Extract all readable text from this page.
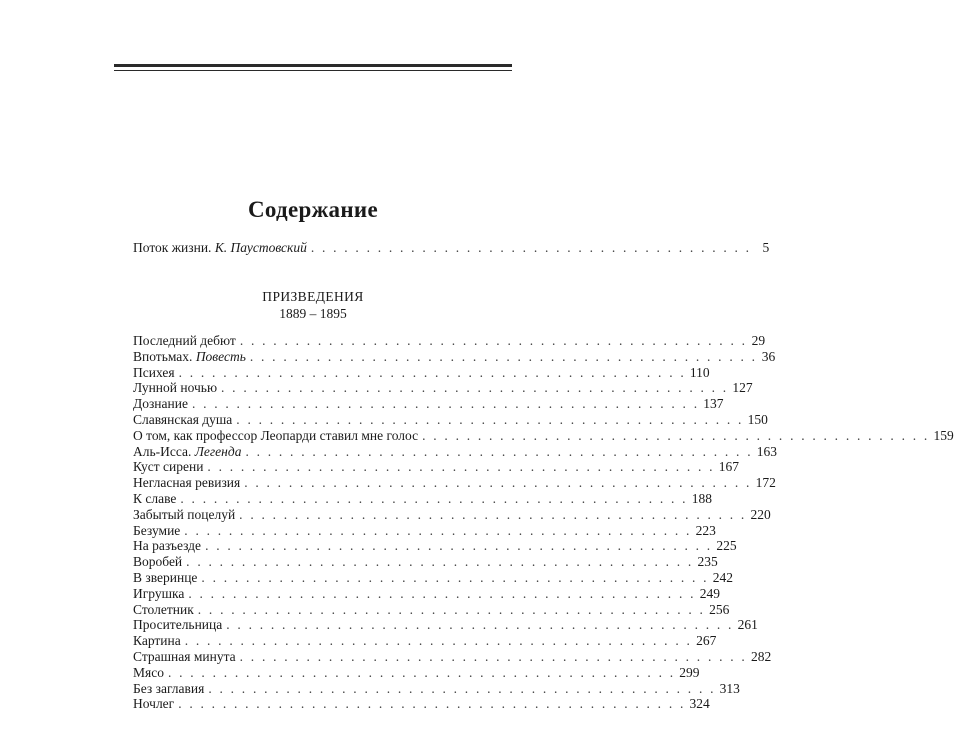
Содержание
Поток жизни. К. Паустовский . . . . . . . . . . . . . . . . . . . . . . . . . . . . . . . . . . . . . . . . 5
ПРИЗВЕДЕНИЯ
1889 – 1895
Последний дебют . . . . . . . . . . . . . . . . . . . . . . . . . . . . . . . . . . . . . . . . . . . . . . 29
Впотьмах. Повесть . . . . . . . . . . . . . . . . . . . . . . . . . . . . . . . . . . . . . . . . . . . . . . 36
Психея . . . . . . . . . . . . . . . . . . . . . . . . . . . . . . . . . . . . . . . . . . . . . . 110
Лунной ночью . . . . . . . . . . . . . . . . . . . . . . . . . . . . . . . . . . . . . . . . . . . . . . 127
Дознание . . . . . . . . . . . . . . . . . . . . . . . . . . . . . . . . . . . . . . . . . . . . . . 137
Славянская душа . . . . . . . . . . . . . . . . . . . . . . . . . . . . . . . . . . . . . . . . . . . . . . 150
О том, как профессор Леопарди ставил мне голос . . . . . . . . . . . . . . . . . . . . . . . . . . . . . . . . . . . . . . . . . . . . . . 159
Аль-Исса. Легенда . . . . . . . . . . . . . . . . . . . . . . . . . . . . . . . . . . . . . . . . . . . . . . 163
Куст сирени . . . . . . . . . . . . . . . . . . . . . . . . . . . . . . . . . . . . . . . . . . . . . . 167
Негласная ревизия . . . . . . . . . . . . . . . . . . . . . . . . . . . . . . . . . . . . . . . . . . . . . . 172
К славе . . . . . . . . . . . . . . . . . . . . . . . . . . . . . . . . . . . . . . . . . . . . . . 188
Забытый поцелуй . . . . . . . . . . . . . . . . . . . . . . . . . . . . . . . . . . . . . . . . . . . . . . 220
Безумие . . . . . . . . . . . . . . . . . . . . . . . . . . . . . . . . . . . . . . . . . . . . . . 223
На разъезде . . . . . . . . . . . . . . . . . . . . . . . . . . . . . . . . . . . . . . . . . . . . . . 225
Воробей . . . . . . . . . . . . . . . . . . . . . . . . . . . . . . . . . . . . . . . . . . . . . . 235
В зверинце . . . . . . . . . . . . . . . . . . . . . . . . . . . . . . . . . . . . . . . . . . . . . . 242
Игрушка . . . . . . . . . . . . . . . . . . . . . . . . . . . . . . . . . . . . . . . . . . . . . . 249
Столетник . . . . . . . . . . . . . . . . . . . . . . . . . . . . . . . . . . . . . . . . . . . . . . 256
Просительница . . . . . . . . . . . . . . . . . . . . . . . . . . . . . . . . . . . . . . . . . . . . . . 261
Картина . . . . . . . . . . . . . . . . . . . . . . . . . . . . . . . . . . . . . . . . . . . . . . 267
Страшная минута . . . . . . . . . . . . . . . . . . . . . . . . . . . . . . . . . . . . . . . . . . . . . . 282
Мясо . . . . . . . . . . . . . . . . . . . . . . . . . . . . . . . . . . . . . . . . . . . . . . 299
Без заглавия . . . . . . . . . . . . . . . . . . . . . . . . . . . . . . . . . . . . . . . . . . . . . . 313
Ночлег . . . . . . . . . . . . . . . . . . . . . . . . . . . . . . . . . . . . . . . . . . . . . . 324
